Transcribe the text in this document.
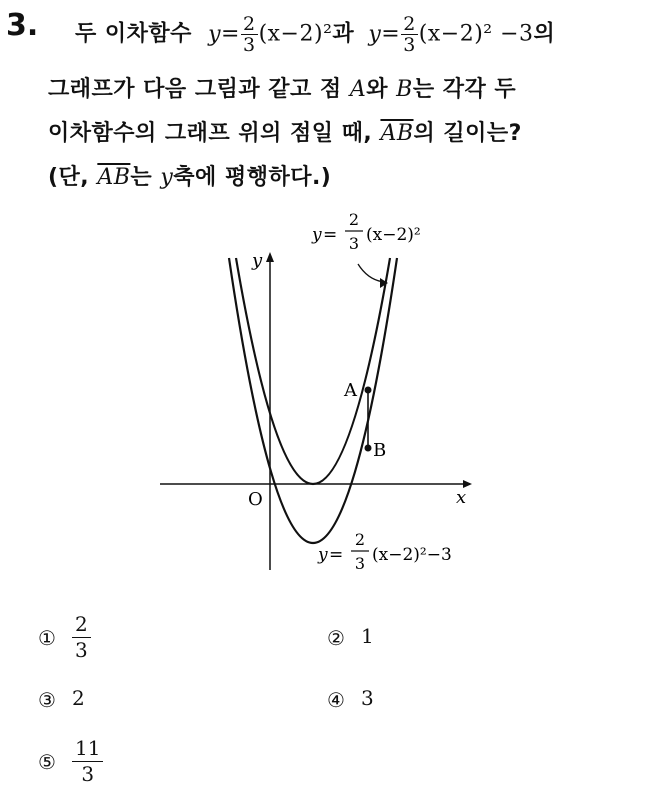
3. 두 이차함수 $y= \frac{2}{3} (x-2)^2$과 $y= \frac{2}{3} (x-2)^2 -3$의
그래프가 다음 그림과 같고 점 A와 B는 각각 두
이차함수의 그래프 위의 점일 때, $\overline{AB}$의 길이는?
(단, $\overline{AB}$는 y축에 평행하다.)
y
x
O
A
B
y =
2
3 (x−2)²
y =
2
3 (x−2)²−3
① $\frac{2}{3}$	② 1
③ 2	④ 3
⑤ $\frac{11}{3}$
